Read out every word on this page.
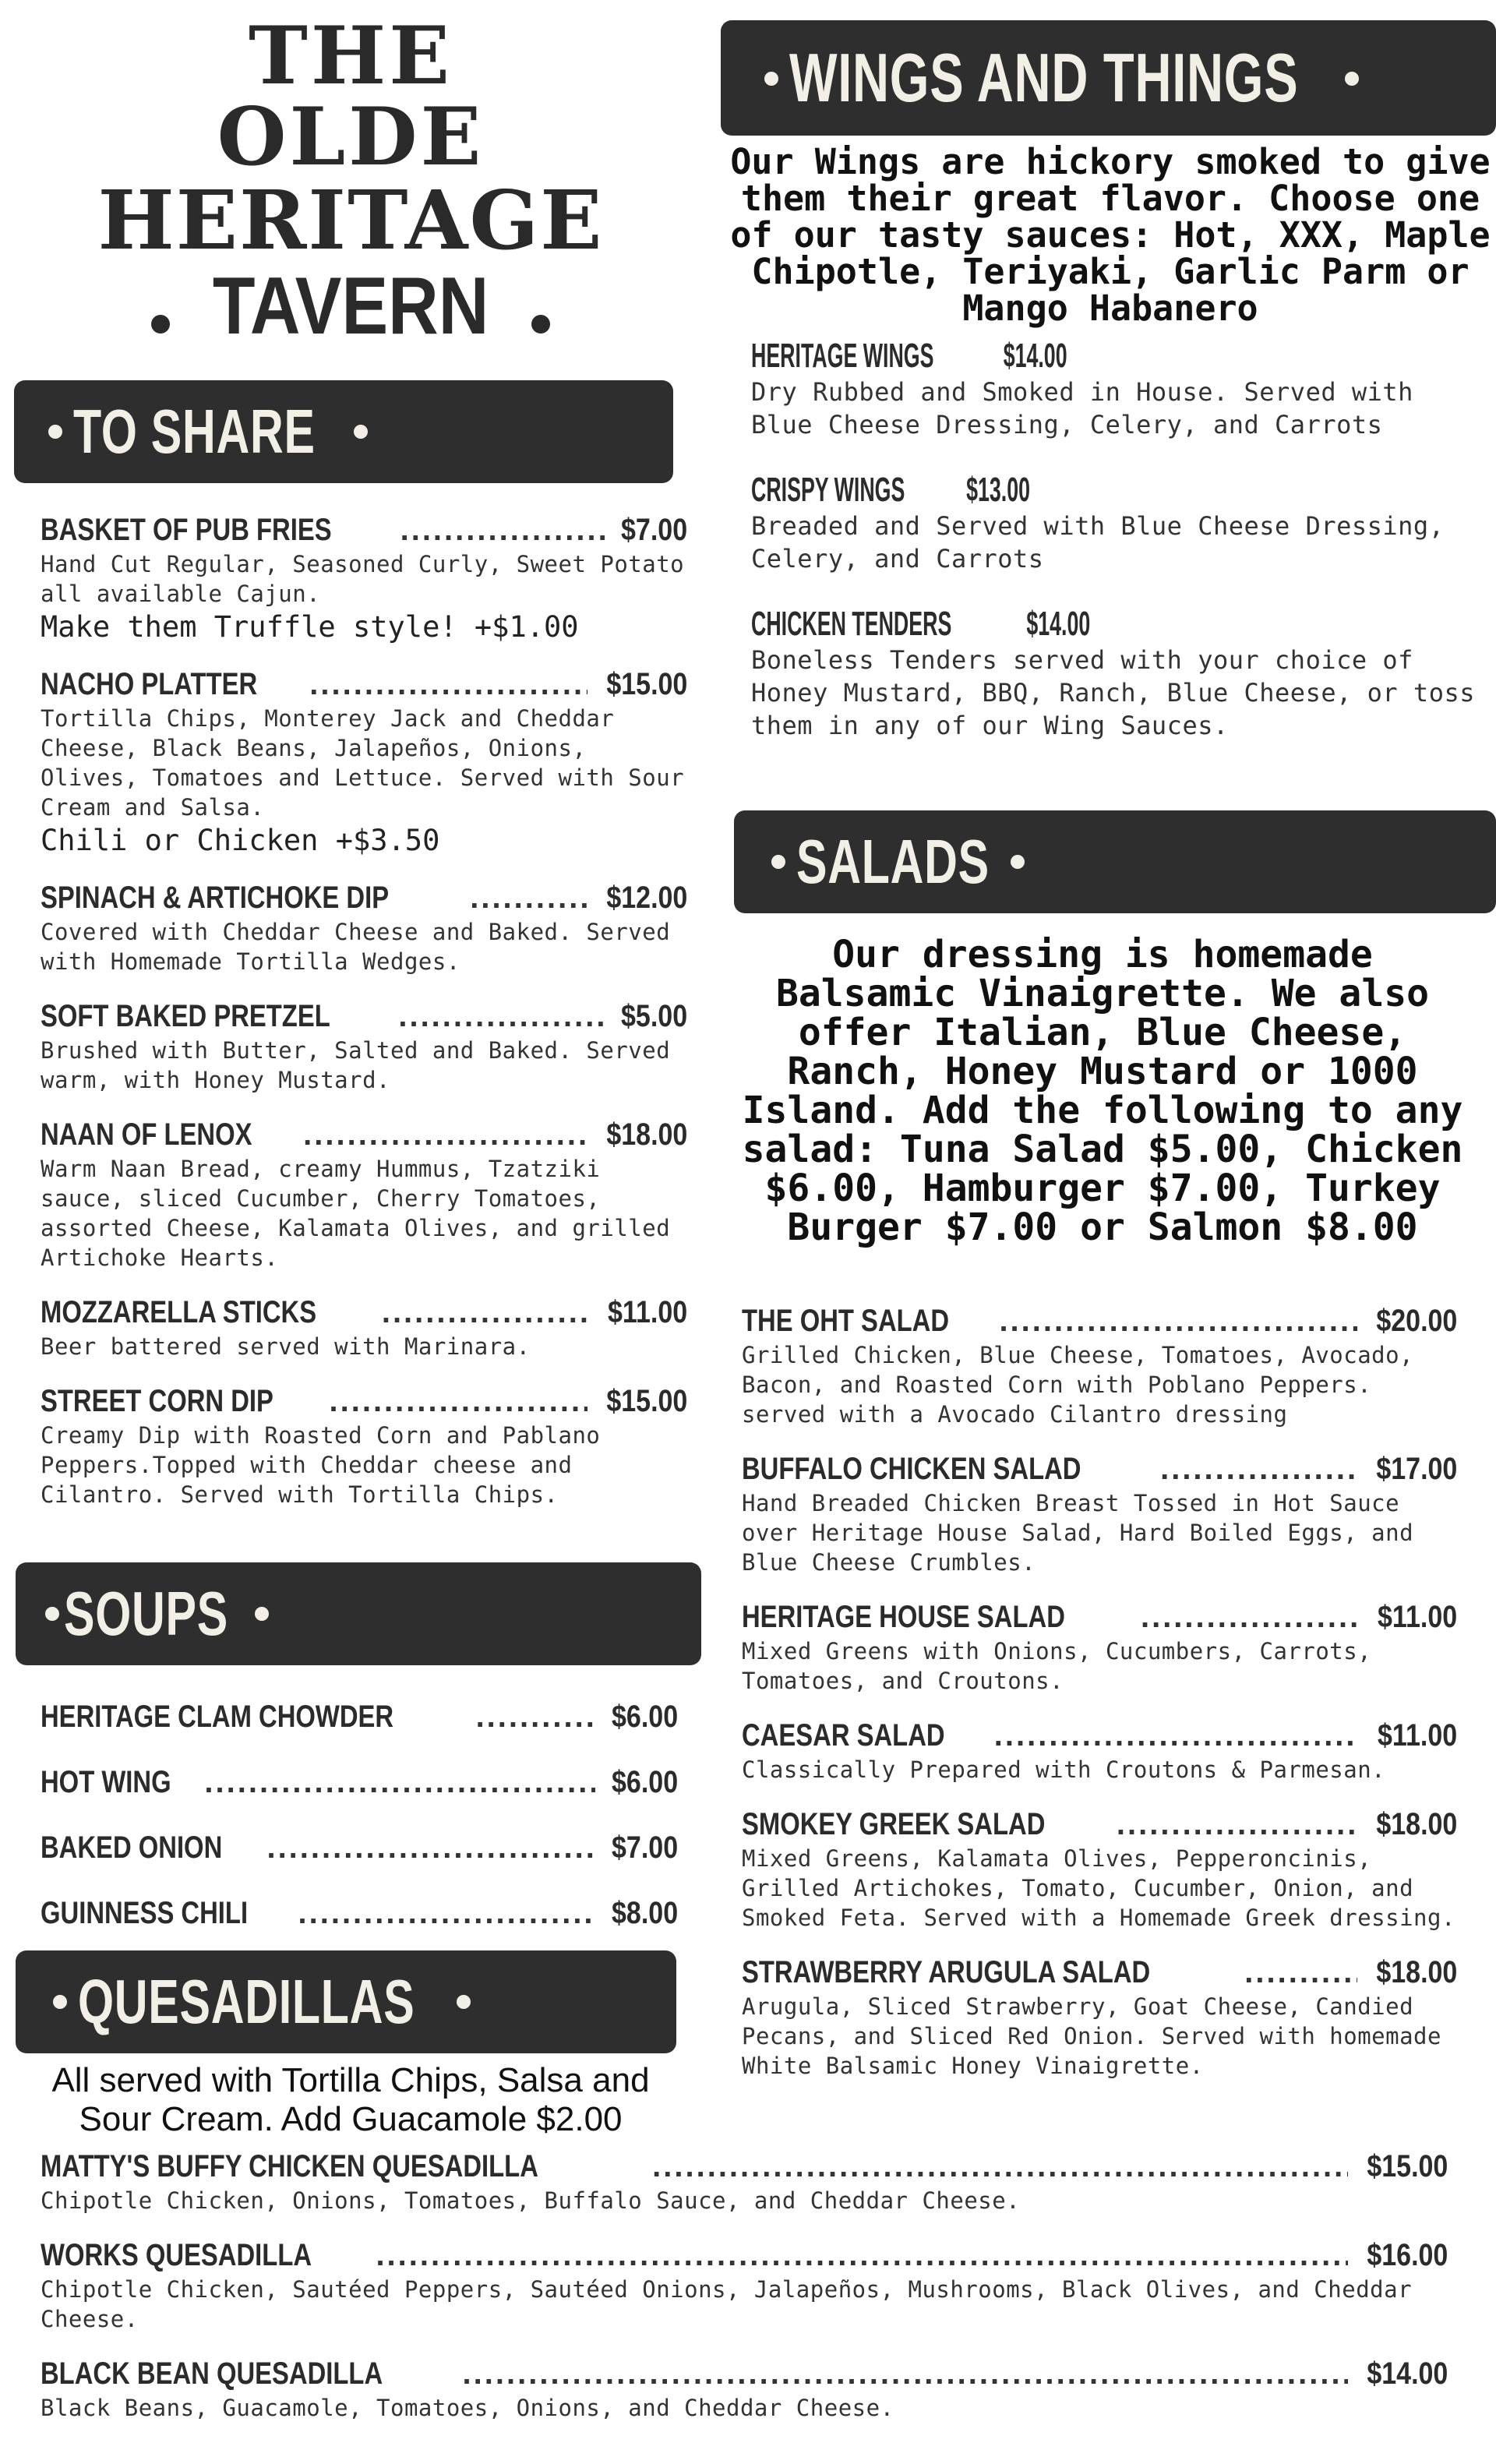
THE
OLDE
HERITAGE
TAVERN
TO SHARE
BASKET OF PUB FRIES .....	$7.00
Hand Cut Regular, Seasoned Curly, Sweet Potato all available Cajun.
Make them Truffle style! +$1.00
NACHO PLATTER .....	$15.00
Tortilla Chips, Monterey Jack and Cheddar Cheese, Black Beans, Jalapeños, Onions, Olives, Tomatoes and Lettuce. Served with Sour Cream and Salsa.
Chili or Chicken +$3.50
SPINACH & ARTICHOKE DIP .....	$12.00
Covered with Cheddar Cheese and Baked. Served with Homemade Tortilla Wedges.
SOFT BAKED PRETZEL .....	$5.00
Brushed with Butter, Salted and Baked. Served warm, with Honey Mustard.
NAAN OF LENOX .....	$18.00
Warm Naan Bread, creamy Hummus, Tzatziki sauce, sliced Cucumber, Cherry Tomatoes, assorted Cheese, Kalamata Olives, and grilled Artichoke Hearts.
MOZZARELLA STICKS .....	$11.00
Beer battered served with Marinara.
STREET CORN DIP .....	$15.00
Creamy Dip with Roasted Corn and Pablano Peppers.Topped with Cheddar cheese and Cilantro. Served with Tortilla Chips.
SOUPS
HERITAGE CLAM CHOWDER .....	$6.00
HOT WING .....	$6.00
BAKED ONION .....	$7.00
GUINNESS CHILI .....	$8.00
QUESADILLAS
All served with Tortilla Chips, Salsa and Sour Cream. Add Guacamole $2.00
MATTY'S BUFFY CHICKEN QUESADILLA .....	$15.00
Chipotle Chicken, Onions, Tomatoes, Buffalo Sauce, and Cheddar Cheese.
WORKS QUESADILLA .....	$16.00
Chipotle Chicken, Sautéed Peppers, Sautéed Onions, Jalapeños, Mushrooms, Black Olives, and Cheddar Cheese.
BLACK BEAN QUESADILLA .....	$14.00
Black Beans, Guacamole, Tomatoes, Onions, and Cheddar Cheese.
WINGS AND THINGS
Our Wings are hickory smoked to give them their great flavor. Choose one of our tasty sauces: Hot, XXX, Maple Chipotle, Teriyaki, Garlic Parm or Mango Habanero
HERITAGE WINGS $14.00
Dry Rubbed and Smoked in House. Served with Blue Cheese Dressing, Celery, and Carrots
CRISPY WINGS $13.00
Breaded and Served with Blue Cheese Dressing, Celery, and Carrots
CHICKEN TENDERS $14.00
Boneless Tenders served with your choice of Honey Mustard, BBQ, Ranch, Blue Cheese, or toss them in any of our Wing Sauces.
SALADS
Our dressing is homemade Balsamic Vinaigrette. We also offer Italian, Blue Cheese, Ranch, Honey Mustard or 1000 Island. Add the following to any salad: Tuna Salad $5.00, Chicken $6.00, Hamburger $7.00, Turkey Burger $7.00 or Salmon $8.00
THE OHT SALAD .....	$20.00
Grilled Chicken, Blue Cheese, Tomatoes, Avocado, Bacon, and Roasted Corn with Poblano Peppers. served with a Avocado Cilantro dressing
BUFFALO CHICKEN SALAD .....	$17.00
Hand Breaded Chicken Breast Tossed in Hot Sauce over Heritage House Salad, Hard Boiled Eggs, and Blue Cheese Crumbles.
HERITAGE HOUSE SALAD .....	$11.00
Mixed Greens with Onions, Cucumbers, Carrots, Tomatoes, and Croutons.
CAESAR SALAD .....	$11.00
Classically Prepared with Croutons & Parmesan.
SMOKEY GREEK SALAD .....	$18.00
Mixed Greens, Kalamata Olives, Pepperoncinis, Grilled Artichokes, Tomato, Cucumber, Onion, and Smoked Feta. Served with a Homemade Greek dressing.
STRAWBERRY ARUGULA SALAD .....	$18.00
Arugula, Sliced Strawberry, Goat Cheese, Candied Pecans, and Sliced Red Onion. Served with homemade White Balsamic Honey Vinaigrette.
